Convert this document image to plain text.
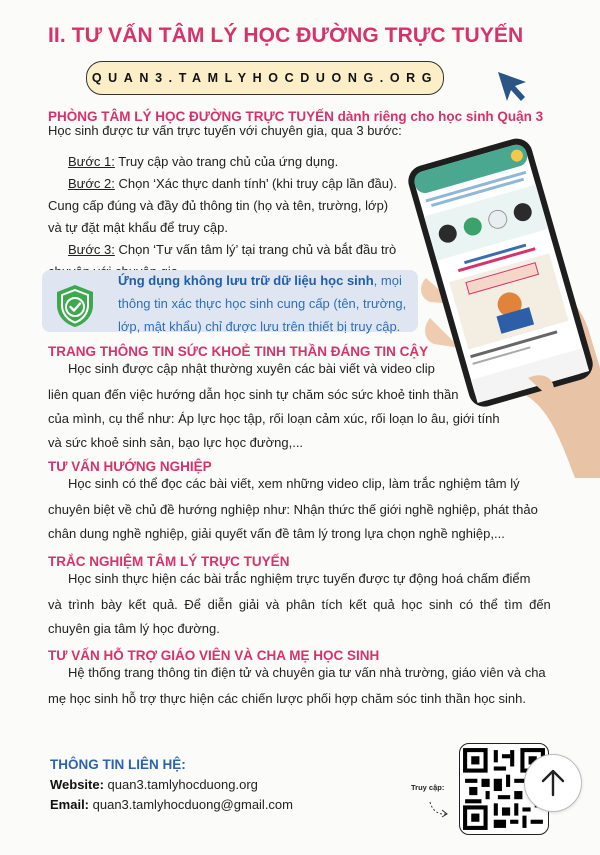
II. TƯ VẤN TÂM LÝ HỌC ĐƯỜNG TRỰC TUYẾN
QUAN3.TAMLYHOCDUONG.ORG
PHÒNG TÂM LÝ HỌC ĐƯỜNG TRỰC TUYẾN dành riêng cho học sinh Quận 3
Học sinh được tư vấn trực tuyến với chuyên gia, qua 3 bước:
Bước 1: Truy cập vào trang chủ của ứng dụng.
Bước 2: Chọn ‘Xác thực danh tính’ (khi truy cập lần đầu).
Cung cấp đúng và đầy đủ thông tin (họ và tên, trường, lớp)
và tự đặt mật khẩu để truy cập.
Bước 3: Chọn ‘Tư vấn tâm lý’ tại trang chủ và bắt đầu trò
Ứng dụng không lưu trữ dữ liệu học sinh, mọi thông tin xác thực học sinh cung cấp (tên, trường, lớp, mật khẩu) chỉ được lưu trên thiết bị truy cập.
TRANG THÔNG TIN SỨC KHOẺ TINH THẦN ĐÁNG TIN CẬY
Học sinh được cập nhật thường xuyên các bài viết và video clip
liên quan đến việc hướng dẫn học sinh tự chăm sóc sức khoẻ tinh thần
của mình, cụ thể như: Áp lực học tập, rối loạn cảm xúc, rối loạn lo âu, giới tính
và sức khoẻ sinh sản, bạo lực học đường,...
TƯ VẤN HƯỚNG NGHIỆP
Học sinh có thể đọc các bài viết, xem những video clip, làm trắc nghiệm tâm lý
chuyên biệt về chủ đề hướng nghiệp như: Nhận thức thế giới nghề nghiệp, phát thảo
chân dung nghề nghiệp, giải quyết vấn đề tâm lý trong lựa chọn nghề nghiệp,...
TRẮC NGHIỆM TÂM LÝ TRỰC TUYẾN
Học sinh thực hiện các bài trắc nghiệm trực tuyến được tự động hoá chấm điểm
và trình bày kết quả. Để diễn giải và phân tích kết quả học sinh có thể tìm đến
chuyên gia tâm lý học đường.
TƯ VẤN HỖ TRỢ GIÁO VIÊN VÀ CHA MẸ HỌC SINH
Hệ thống trang thông tin điện tử và chuyên gia tư vấn nhà trường, giáo viên và cha
mẹ học sinh hỗ trợ thực hiện các chiến lược phối hợp chăm sóc tinh thần học sinh.
THÔNG TIN LIÊN HỆ:
Website: quan3.tamlyhocduong.org
Email: quan3.tamlyhocduong@gmail.com
Truy cập:
